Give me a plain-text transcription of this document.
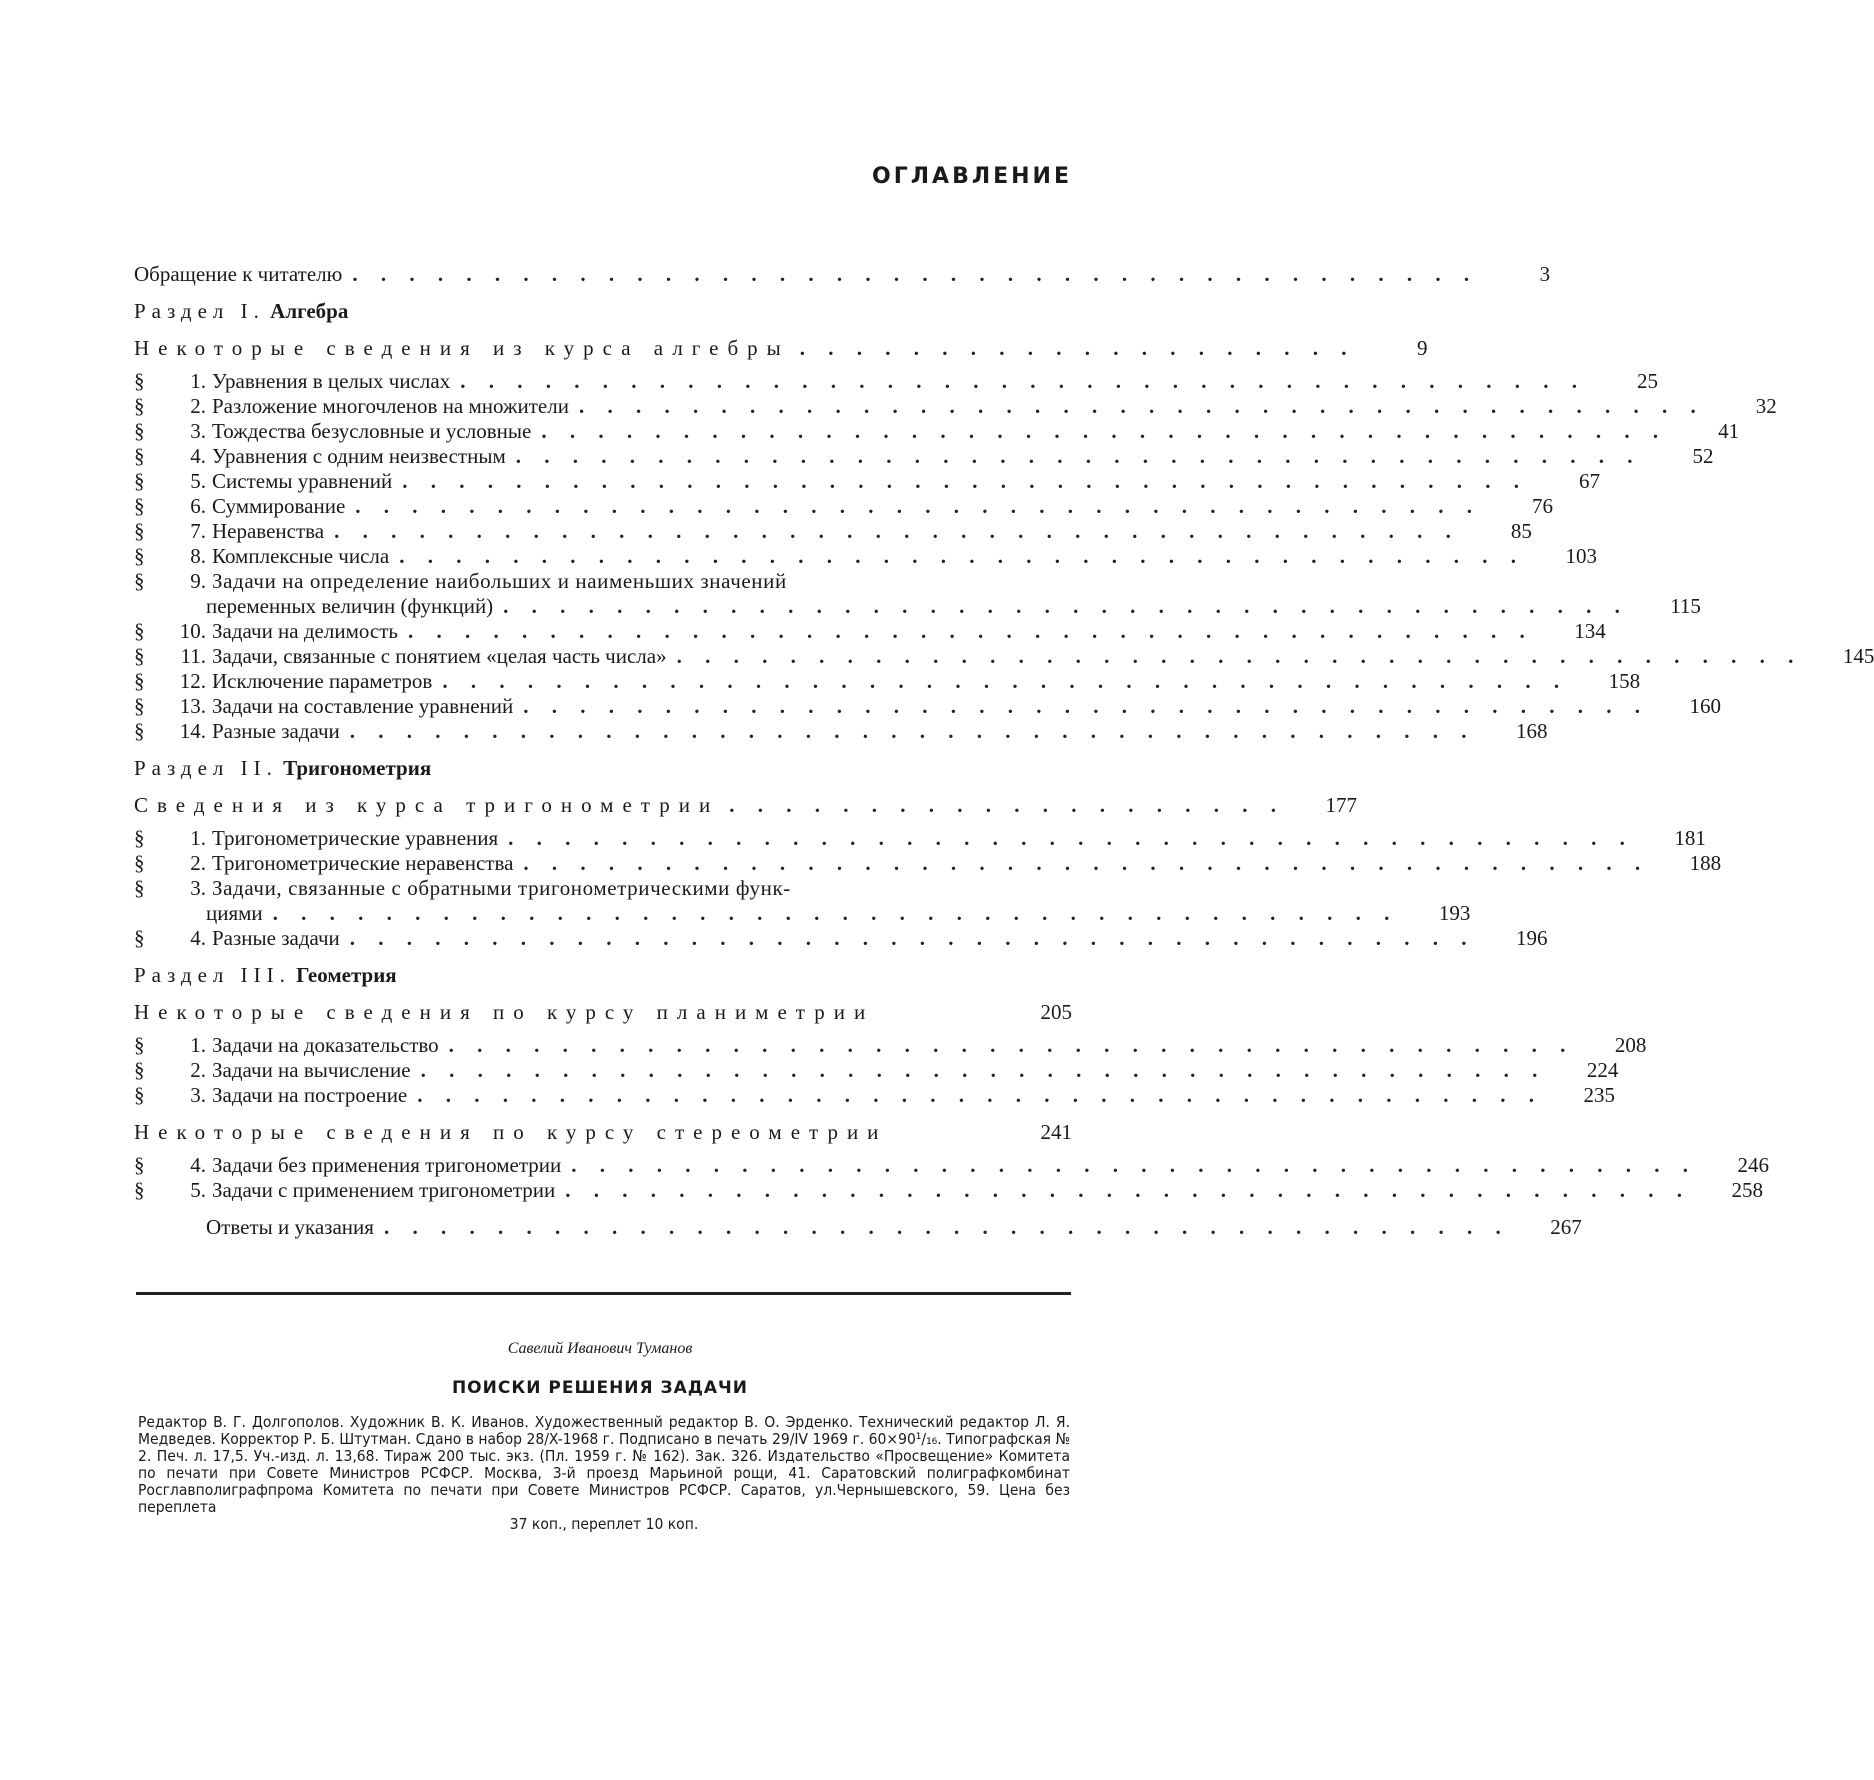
ОГЛАВЛЕНИЕ
Обращение к читателю . . . . . . . . . . . . . . . . . . . . . . . . . . . . . . . . . . . . . . . .	3
Раздел I.
Алгебра
Некоторые сведения из курса алгебры . . . . . . . . . . . . . . . . . . . .	9
§	1. Уравнения в целых числах . . . . . . . . . . . . . . . . . . . . . . . . . . . . . . . . . . . . . . . .	25
§	2. Разложение многочленов на множители . . . . . . . . . . . . . . . . . . . . . . . . . . . . . . . . . . . . . . . .	32
§	3. Тождества безусловные и условные . . . . . . . . . . . . . . . . . . . . . . . . . . . . . . . . . . . . . . . .	41
§	4. Уравнения с одним неизвестным . . . . . . . . . . . . . . . . . . . . . . . . . . . . . . . . . . . . . . . .	52
§	5. Системы уравнений . . . . . . . . . . . . . . . . . . . . . . . . . . . . . . . . . . . . . . . .	67
§	6. Суммирование . . . . . . . . . . . . . . . . . . . . . . . . . . . . . . . . . . . . . . . .	76
§	7. Неравенства . . . . . . . . . . . . . . . . . . . . . . . . . . . . . . . . . . . . . . . .	85
§	8. Комплексные числа . . . . . . . . . . . . . . . . . . . . . . . . . . . . . . . . . . . . . . . .	103
§	9. Задачи на определение наибольших и наименьших значений
переменных величин (функций) . . . . . . . . . . . . . . . . . . . . . . . . . . . . . . . . . . . . . . . .	115
§	10. Задачи на делимость . . . . . . . . . . . . . . . . . . . . . . . . . . . . . . . . . . . . . . . .	134
§	11. Задачи, связанные с понятием «целая часть числа» . . . . . . . . . . . . . . . . . . . . . . . . . . . . . . . . . . . . . . . .	145
§	12. Исключение параметров . . . . . . . . . . . . . . . . . . . . . . . . . . . . . . . . . . . . . . . .	158
§	13. Задачи на составление уравнений . . . . . . . . . . . . . . . . . . . . . . . . . . . . . . . . . . . . . . . .	160
§	14. Разные задачи . . . . . . . . . . . . . . . . . . . . . . . . . . . . . . . . . . . . . . . .	168
Раздел II.
Тригонометрия
Сведения из курса тригонометрии . . . . . . . . . . . . . . . . . . . .	177
§	1. Тригонометрические уравнения . . . . . . . . . . . . . . . . . . . . . . . . . . . . . . . . . . . . . . . .	181
§	2. Тригонометрические неравенства . . . . . . . . . . . . . . . . . . . . . . . . . . . . . . . . . . . . . . . .	188
§	3. Задачи, связанные с обратными тригонометрическими функ-
циями . . . . . . . . . . . . . . . . . . . . . . . . . . . . . . . . . . . . . . . .	193
§	4. Разные задачи . . . . . . . . . . . . . . . . . . . . . . . . . . . . . . . . . . . . . . . .	196
Раздел III.
Геометрия
Некоторые сведения по курсу планиметрии	205
§	1. Задачи на доказательство . . . . . . . . . . . . . . . . . . . . . . . . . . . . . . . . . . . . . . . .	208
§	2. Задачи на вычисление . . . . . . . . . . . . . . . . . . . . . . . . . . . . . . . . . . . . . . . .	224
§	3. Задачи на построение . . . . . . . . . . . . . . . . . . . . . . . . . . . . . . . . . . . . . . . .	235
Некоторые сведения по курсу стереометрии	241
§	4. Задачи без применения тригонометрии . . . . . . . . . . . . . . . . . . . . . . . . . . . . . . . . . . . . . . . .	246
§	5. Задачи с применением тригонометрии . . . . . . . . . . . . . . . . . . . . . . . . . . . . . . . . . . . . . . . .	258
Ответы и указания . . . . . . . . . . . . . . . . . . . . . . . . . . . . . . . . . . . . . . . .	267
Савелий Иванович Туманов
ПОИСКИ РЕШЕНИЯ ЗАДАЧИ
Редактор В. Г. Долгополов. Художник В. К. Иванов. Художественный редактор В. О. Эрденко. Технический редактор Л. Я. Медведев. Корректор Р. Б. Штутман. Сдано в набор 28/X-1968 г. Подписано в печать 29/IV 1969 г. 60×90¹/₁₆. Типографская № 2. Печ. л. 17,5. Уч.-изд. л. 13,68. Тираж 200 тыс. экз. (Пл. 1959 г. № 162). Зак. 326. Издательство «Просвещение» Комитета по печати при Совете Министров РСФСР. Москва, 3-й проезд Марьиной рощи, 41. Саратовский полиграфкомбинат Росглавполиграфпрома Комитета по печати при Совете Министров РСФСР. Саратов, ул.Чернышевского, 59. Цена без переплета
37 коп., переплет 10 коп.
